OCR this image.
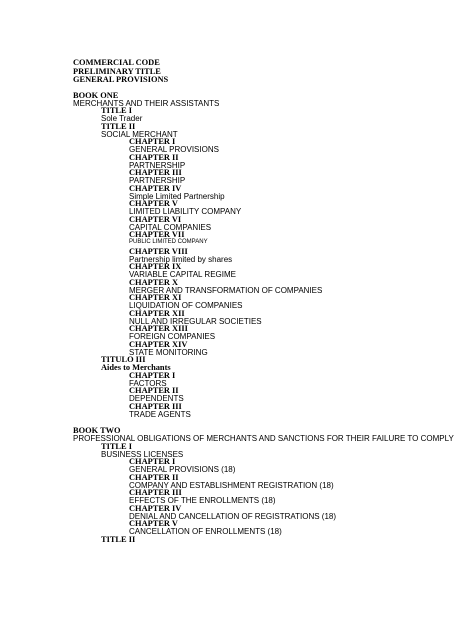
COMMERCIAL CODE

PRELIMINARY TITLE

GENERAL PROVISIONS

BOOK ONE

MERCHANTS AND THEIR ASSISTANTS

TITLE I

Sole Trader

TITLE II

SOCIAL MERCHANT

CHAPTER I

GENERAL PROVISIONS

CHAPTER II

PARTNERSHIP

CHAPTER III

PARTNERSHIP

CHAPTER IV

Simple Limited Partnership

CHAPTER V

LIMITED LIABILITY COMPANY

CHAPTER VI

CAPITAL COMPANIES

CHAPTER VII

PUBLIC LIMITED COMPANY

CHAPTER VIII

Partnership limited by shares

CHAPTER IX

VARIABLE CAPITAL REGIME

CHAPTER X

MERGER AND TRANSFORMATION OF COMPANIES

CHAPTER XI

LIQUIDATION OF COMPANIES

CHAPTER XII

NULL AND IRREGULAR SOCIETIES

CHAPTER XIII

FOREIGN COMPANIES

CHAPTER XIV

STATE MONITORING

TITULO III

Aides to Merchants

CHAPTER I

FACTORS

CHAPTER II

DEPENDENTS

CHAPTER III

TRADE AGENTS

BOOK TWO

PROFESSIONAL OBLIGATIONS OF MERCHANTS AND SANCTIONS FOR THEIR FAILURE TO COMPLY

TITLE I

BUSINESS LICENSES

CHAPTER I

GENERAL PROVISIONS (18)

CHAPTER II

COMPANY AND ESTABLISHMENT REGISTRATION (18)

CHAPTER III

EFFECTS OF THE ENROLLMENTS (18)

CHAPTER IV

DENIAL AND CANCELLATION OF REGISTRATIONS (18)

CHAPTER V

CANCELLATION OF ENROLLMENTS (18)

TITLE II
